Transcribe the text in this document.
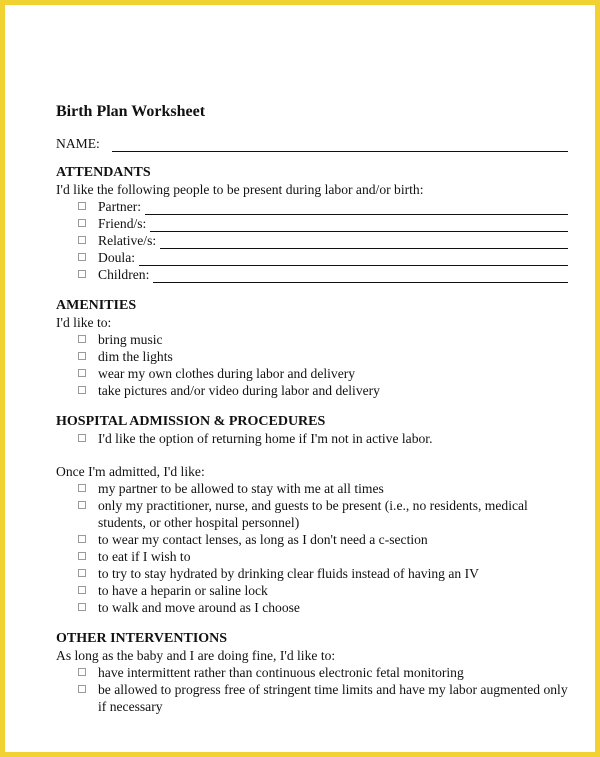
Birth Plan Worksheet
NAME:
ATTENDANTS
I'd like the following people to be present during labor and/or birth:
Partner:
Friend/s:
Relative/s:
Doula:
Children:
AMENITIES
I'd like to:
bring music
dim the lights
wear my own clothes during labor and delivery
take pictures and/or video during labor and delivery
HOSPITAL ADMISSION & PROCEDURES
I'd like the option of returning home if I'm not in active labor.
Once I'm admitted, I'd like:
my partner to be allowed to stay with me at all times
only my practitioner, nurse, and guests to be present (i.e., no residents, medical students, or other hospital personnel)
to wear my contact lenses, as long as I don't need a c-section
to eat if I wish to
to try to stay hydrated by drinking clear fluids instead of having an IV
to have a heparin or saline lock
to walk and move around as I choose
OTHER INTERVENTIONS
As long as the baby and I are doing fine, I'd like to:
have intermittent rather than continuous electronic fetal monitoring
be allowed to progress free of stringent time limits and have my labor augmented only if necessary
